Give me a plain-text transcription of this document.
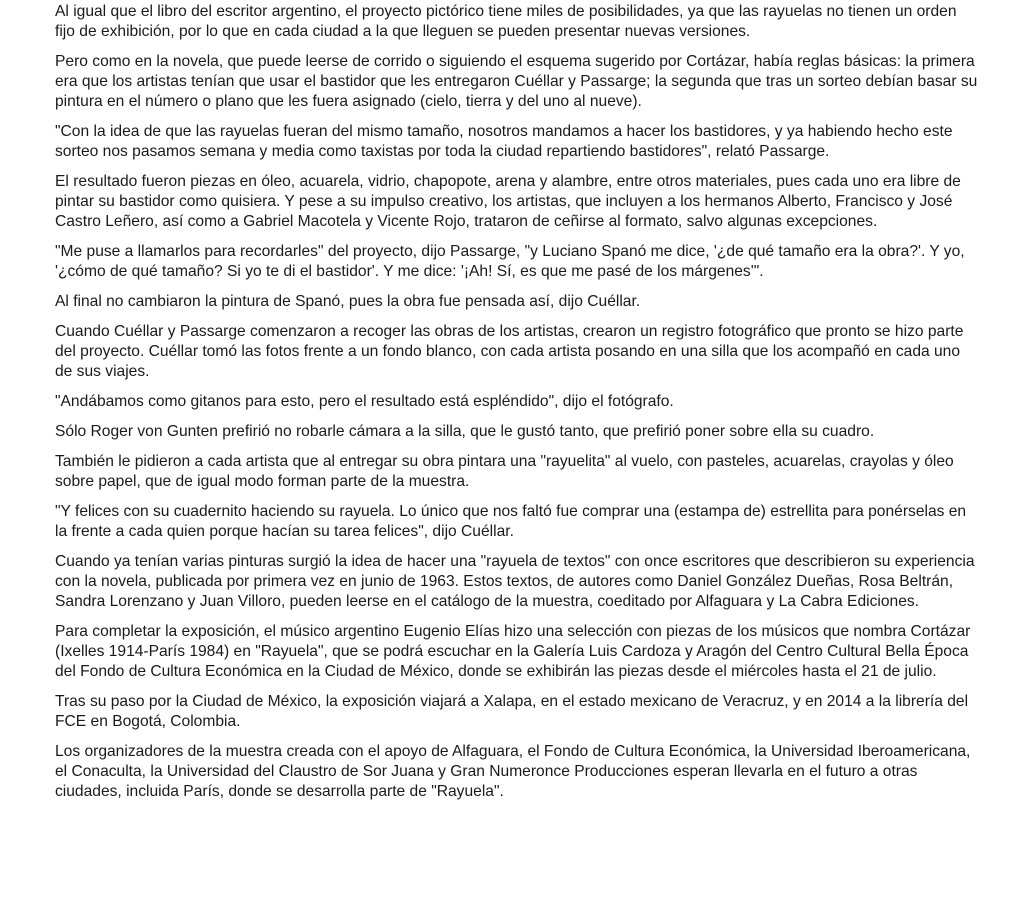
Al igual que el libro del escritor argentino, el proyecto pictórico tiene miles de posibilidades, ya que las rayuelas no tienen un orden fijo de exhibición, por lo que en cada ciudad a la que lleguen se pueden presentar nuevas versiones.

Pero como en la novela, que puede leerse de corrido o siguiendo el esquema sugerido por Cortázar, había reglas básicas: la primera era que los artistas tenían que usar el bastidor que les entregaron Cuéllar y Passarge; la segunda que tras un sorteo debían basar su pintura en el número o plano que les fuera asignado (cielo, tierra y del uno al nueve).

"Con la idea de que las rayuelas fueran del mismo tamaño, nosotros mandamos a hacer los bastidores, y ya habiendo hecho este sorteo nos pasamos semana y media como taxistas por toda la ciudad repartiendo bastidores", relató Passarge.

El resultado fueron piezas en óleo, acuarela, vidrio, chapopote, arena y alambre, entre otros materiales, pues cada uno era libre de pintar su bastidor como quisiera. Y pese a su impulso creativo, los artistas, que incluyen a los hermanos Alberto, Francisco y José Castro Leñero, así como a Gabriel Macotela y Vicente Rojo, trataron de ceñirse al formato, salvo algunas excepciones.

"Me puse a llamarlos para recordarles" del proyecto, dijo Passarge, "y Luciano Spanó me dice, '¿de qué tamaño era la obra?'. Y yo, '¿cómo de qué tamaño? Si yo te di el bastidor'. Y me dice: '¡Ah! Sí, es que me pasé de los márgenes'".

Al final no cambiaron la pintura de Spanó, pues la obra fue pensada así, dijo Cuéllar.

Cuando Cuéllar y Passarge comenzaron a recoger las obras de los artistas, crearon un registro fotográfico que pronto se hizo parte del proyecto. Cuéllar tomó las fotos frente a un fondo blanco, con cada artista posando en una silla que los acompañó en cada uno de sus viajes.

"Andábamos como gitanos para esto, pero el resultado está espléndido", dijo el fotógrafo.

Sólo Roger von Gunten prefirió no robarle cámara a la silla, que le gustó tanto, que prefirió poner sobre ella su cuadro.

También le pidieron a cada artista que al entregar su obra pintara una "rayuelita" al vuelo, con pasteles, acuarelas, crayolas y óleo sobre papel, que de igual modo forman parte de la muestra.

"Y felices con su cuadernito haciendo su rayuela. Lo único que nos faltó fue comprar una (estampa de) estrellita para ponérselas en la frente a cada quien porque hacían su tarea felices", dijo Cuéllar.

Cuando ya tenían varias pinturas surgió la idea de hacer una "rayuela de textos" con once escritores que describieron su experiencia con la novela, publicada por primera vez en junio de 1963. Estos textos, de autores como Daniel González Dueñas, Rosa Beltrán, Sandra Lorenzano y Juan Villoro, pueden leerse en el catálogo de la muestra, coeditado por Alfaguara y La Cabra Ediciones.

Para completar la exposición, el músico argentino Eugenio Elías hizo una selección con piezas de los músicos que nombra Cortázar (Ixelles 1914-París 1984) en "Rayuela", que se podrá escuchar en la Galería Luis Cardoza y Aragón del Centro Cultural Bella Época del Fondo de Cultura Económica en la Ciudad de México, donde se exhibirán las piezas desde el miércoles hasta el 21 de julio.

Tras su paso por la Ciudad de México, la exposición viajará a Xalapa, en el estado mexicano de Veracruz, y en 2014 a la librería del FCE en Bogotá, Colombia.

Los organizadores de la muestra creada con el apoyo de Alfaguara, el Fondo de Cultura Económica, la Universidad Iberoamericana, el Conaculta, la Universidad del Claustro de Sor Juana y Gran Numeronce Producciones esperan llevarla en el futuro a otras ciudades, incluida París, donde se desarrolla parte de "Rayuela".
